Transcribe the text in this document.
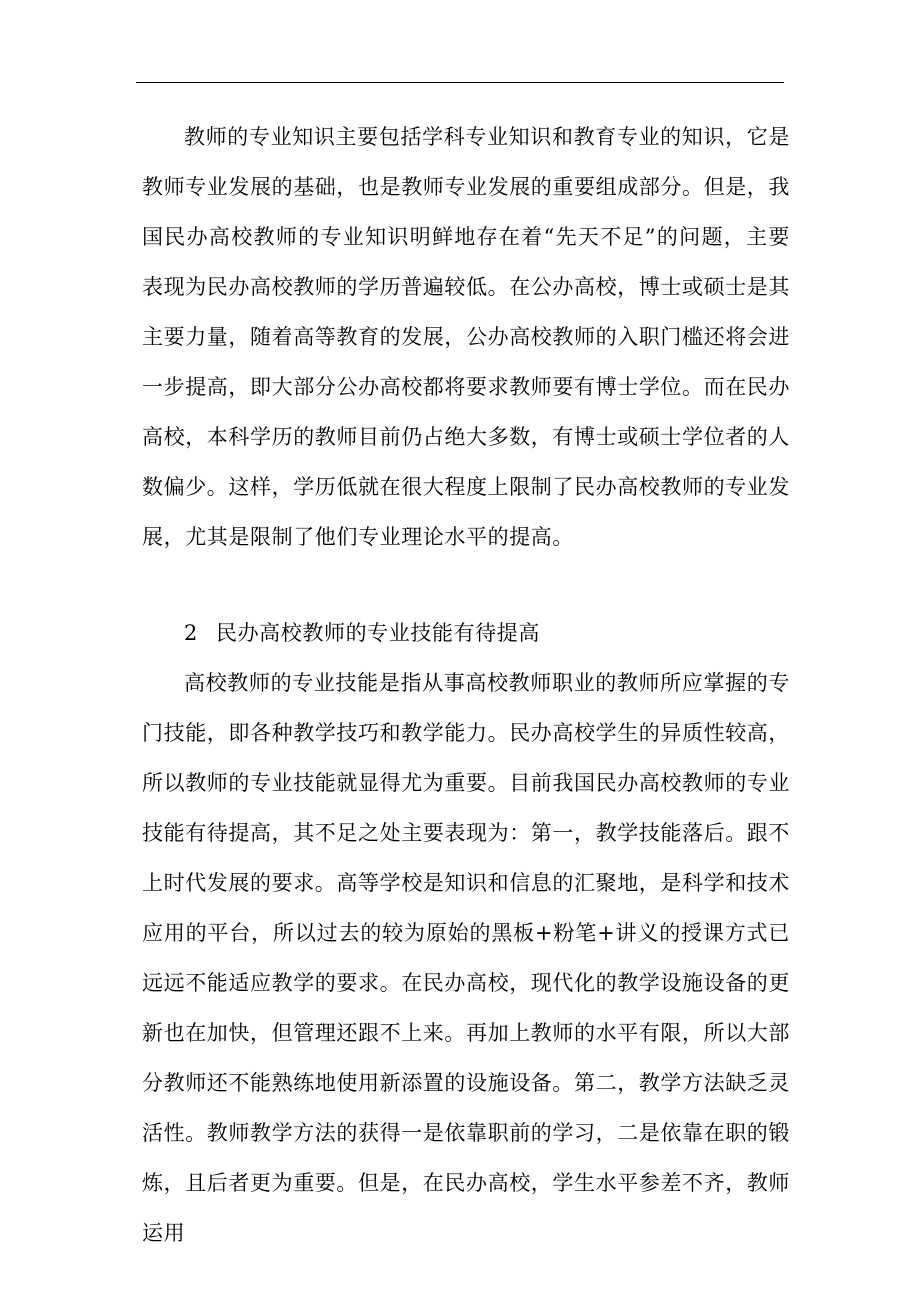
教师的专业知识主要包括学科专业知识和教育专业的知识，它是教师专业发展的基础，也是教师专业发展的重要组成部分。但是，我国民办高校教师的专业知识明鲜地存在着“先天不足”的问题，主要表现为民办高校教师的学历普遍较低。在公办高校，博士或硕士是其主要力量，随着高等教育的发展，公办高校教师的入职门槛还将会进一步提高，即大部分公办高校都将要求教师要有博士学位。而在民办高校，本科学历的教师目前仍占绝大多数，有博士或硕士学位者的人数偏少。这样，学历低就在很大程度上限制了民办高校教师的专业发展，尤其是限制了他们专业理论水平的提高。

2 民办高校教师的专业技能有待提高

高校教师的专业技能是指从事高校教师职业的教师所应掌握的专门技能，即各种教学技巧和教学能力。民办高校学生的异质性较高，所以教师的专业技能就显得尤为重要。目前我国民办高校教师的专业技能有待提高，其不足之处主要表现为：第一，教学技能落后。跟不上时代发展的要求。高等学校是知识和信息的汇聚地，是科学和技术应用的平台，所以过去的较为原始的黑板+粉笔+讲义的授课方式已远远不能适应教学的要求。在民办高校，现代化的教学设施设备的更新也在加快，但管理还跟不上来。再加上教师的水平有限，所以大部分教师还不能熟练地使用新添置的设施设备。第二，教学方法缺乏灵活性。教师教学方法的获得一是依靠职前的学习，二是依靠在职的锻炼，且后者更为重要。但是，在民办高校，学生水平参差不齐，教师运用
